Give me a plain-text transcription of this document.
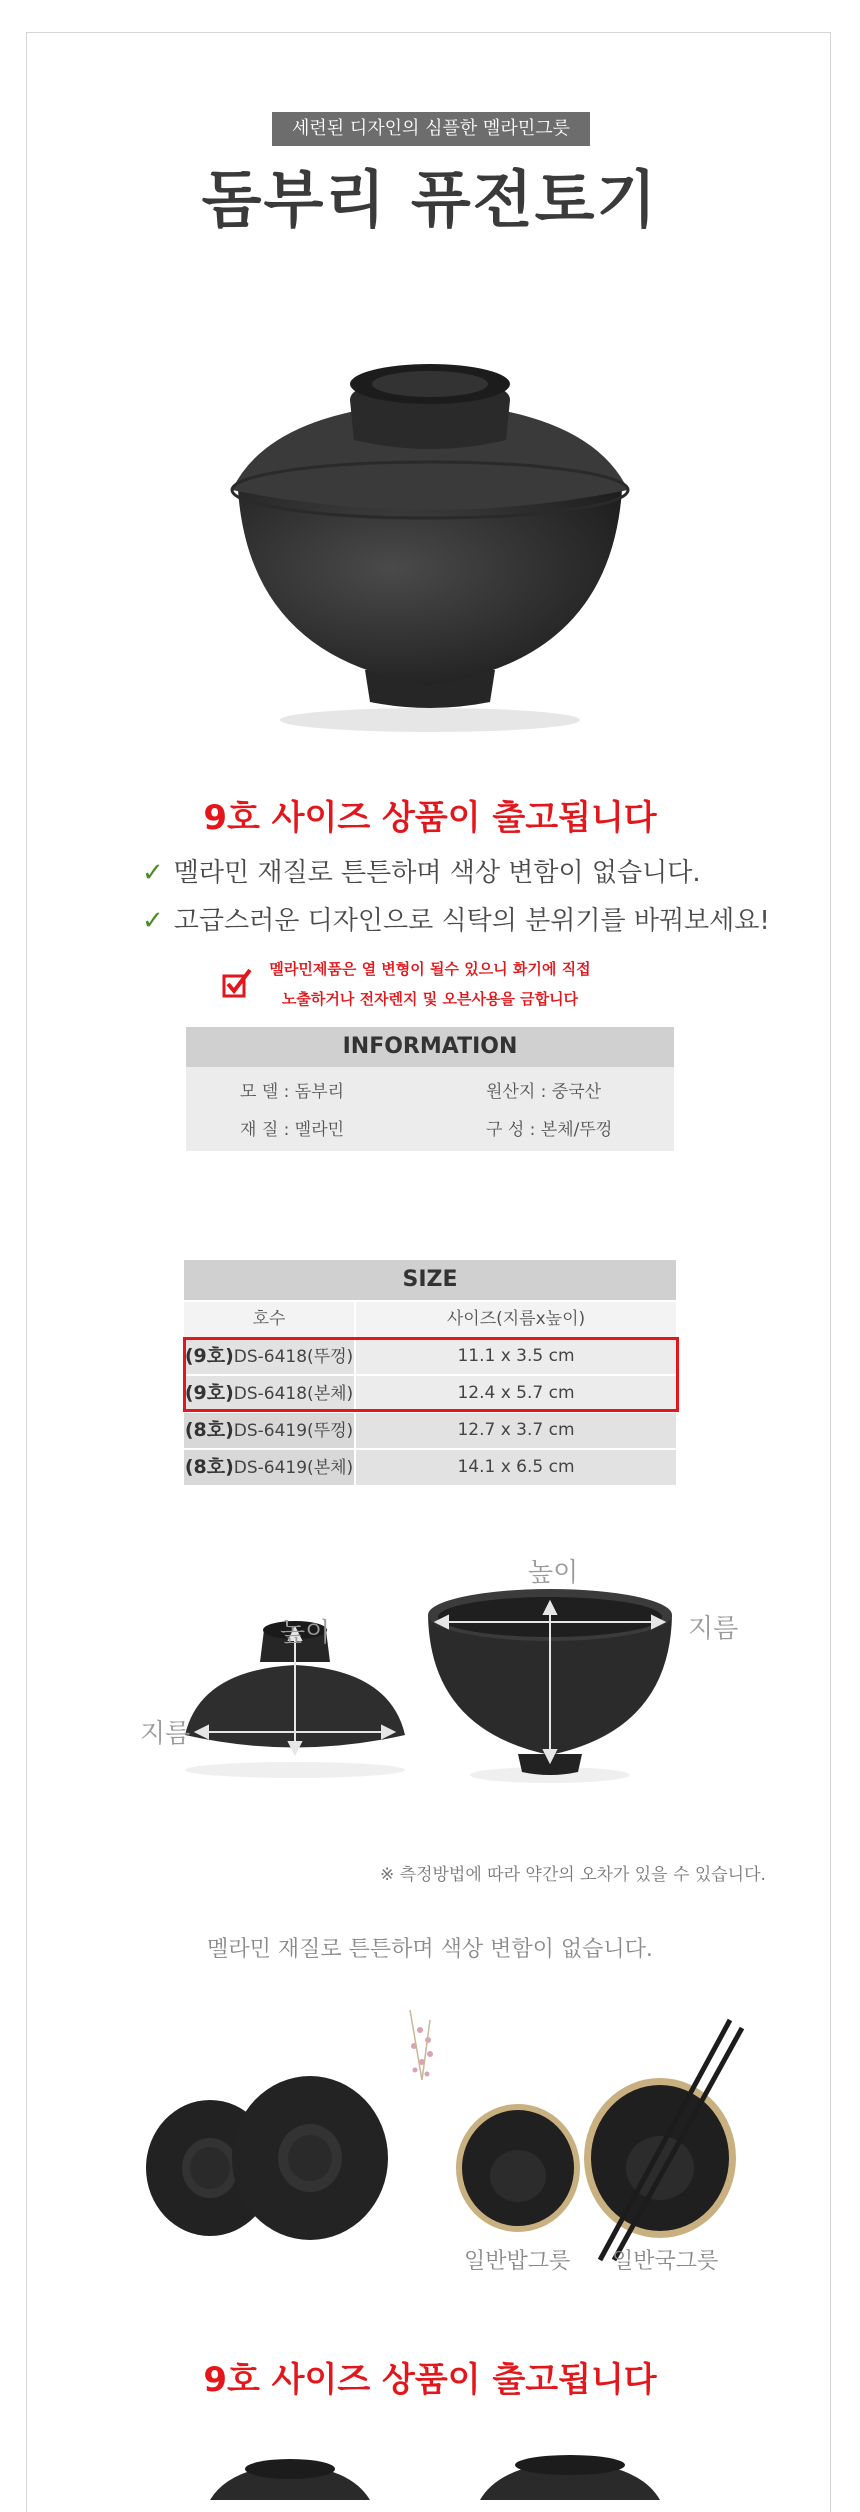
세련된 디자인의 심플한 멜라민그릇
돔부리 퓨전토기
9호 사이즈 상품이 출고됩니다
✓ 멜라민 재질로 튼튼하며 색상 변함이 없습니다.
✓ 고급스러운 디자인으로 식탁의 분위기를 바꿔보세요!
멜라민제품은 열 변형이 될수 있으니 화기에 직접
노출하거나 전자렌지 및 오븐사용을 금합니다
INFORMATION
모 델 : 돔부리	원산지 : 중국산
재 질 : 멜라민	구 성 : 본체/뚜껑
SIZE
호수	사이즈(지름x높이)
(9호)DS-6418(뚜껑)	11.1 x 3.5 cm
(9호)DS-6418(본체)	12.4 x 5.7 cm
(8호)DS-6419(뚜껑)	12.7 x 3.7 cm
(8호)DS-6419(본체)	14.1 x 6.5 cm
높이
지름
높이
지름
※ 측정방법에 따라 약간의 오차가 있을 수 있습니다.
멜라민 재질로 튼튼하며 색상 변함이 없습니다.
일반밥그릇 일반국그릇
9호 사이즈 상품이 출고됩니다
